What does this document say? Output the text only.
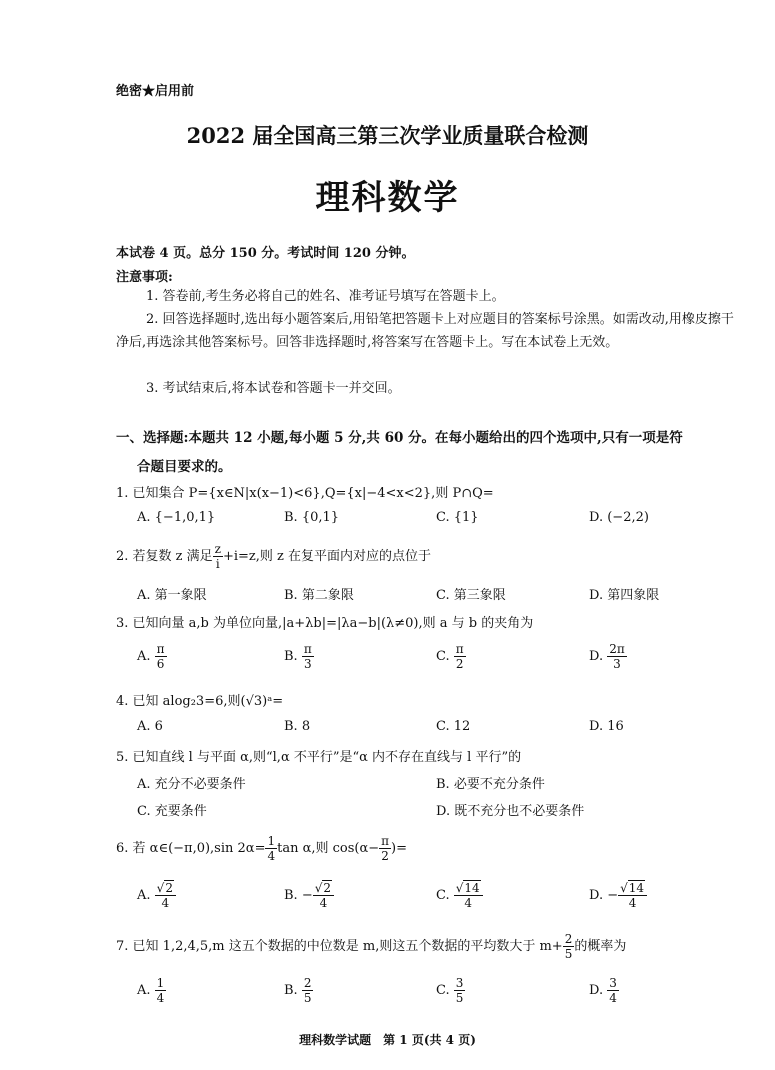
绝密★启用前
2022 届全国高三第三次学业质量联合检测
理科数学
本试卷 4 页。总分 150 分。考试时间 120 分钟。
注意事项:
1. 答卷前,考生务必将自己的姓名、准考证号填写在答题卡上。
2. 回答选择题时,选出每小题答案后,用铅笔把答题卡上对应题目的答案标号涂黑。如需改动,用橡皮擦干净后,再选涂其他答案标号。回答非选择题时,将答案写在答题卡上。写在本试卷上无效。
3. 考试结束后,将本试卷和答题卡一并交回。
一、选择题:本题共 12 小题,每小题 5 分,共 60 分。在每小题给出的四个选项中,只有一项是符
合题目要求的。
1. 已知集合 P={x∈N|x(x−1)<6},Q={x|−4<x<2},则 P∩Q=
A. {−1,0,1}	B. {0,1}	C. {1}	D. (−2,2)
2. 若复数 z 满足 $\frac{z}{i} +i=z$,则 z 在复平面内对应的点位于
A. 第一象限	B. 第二象限	C. 第三象限	D. 第四象限
3. 已知向量 a,b 为单位向量,|a+λb|=|λa−b|(λ≠0),则 a 与 b 的夹角为
A. $\frac{\pi}{6}$	B. $\frac{\pi}{3}$	C. $\frac{\pi}{2}$	D. $\frac{2\pi}{3}$
4. 已知 alog₂3=6,则(√3)ᵃ=
A. 6	B. 8	C. 12	D. 16
5. 已知直线 l 与平面 α,则“l,α 不平行”是“α 内不存在直线与 l 平行”的
A. 充分不必要条件	B. 必要不充分条件
C. 充要条件	D. 既不充分也不必要条件
6. 若 α∈(−π,0),sin $2\alpha= \frac{1}{4}$ tan α,则 $\cos(\alpha- \frac{\pi}{2}$ )=
A. $\frac{√2}{4}$	B. − $\frac{√2}{4}$	C. $\frac{√14}{4}$	D. − $\frac{√14}{4}$
7. 已知 1,2,4,5,m 这五个数据的中位数是 m,则这五个数据的平均数大于 $m+ \frac{2}{5}$ 的概率为
A. $\frac{1}{4}$	B. $\frac{2}{5}$	C. $\frac{3}{5}$	D. $\frac{3}{4}$
理科数学试题　第 1 页(共 4 页)
